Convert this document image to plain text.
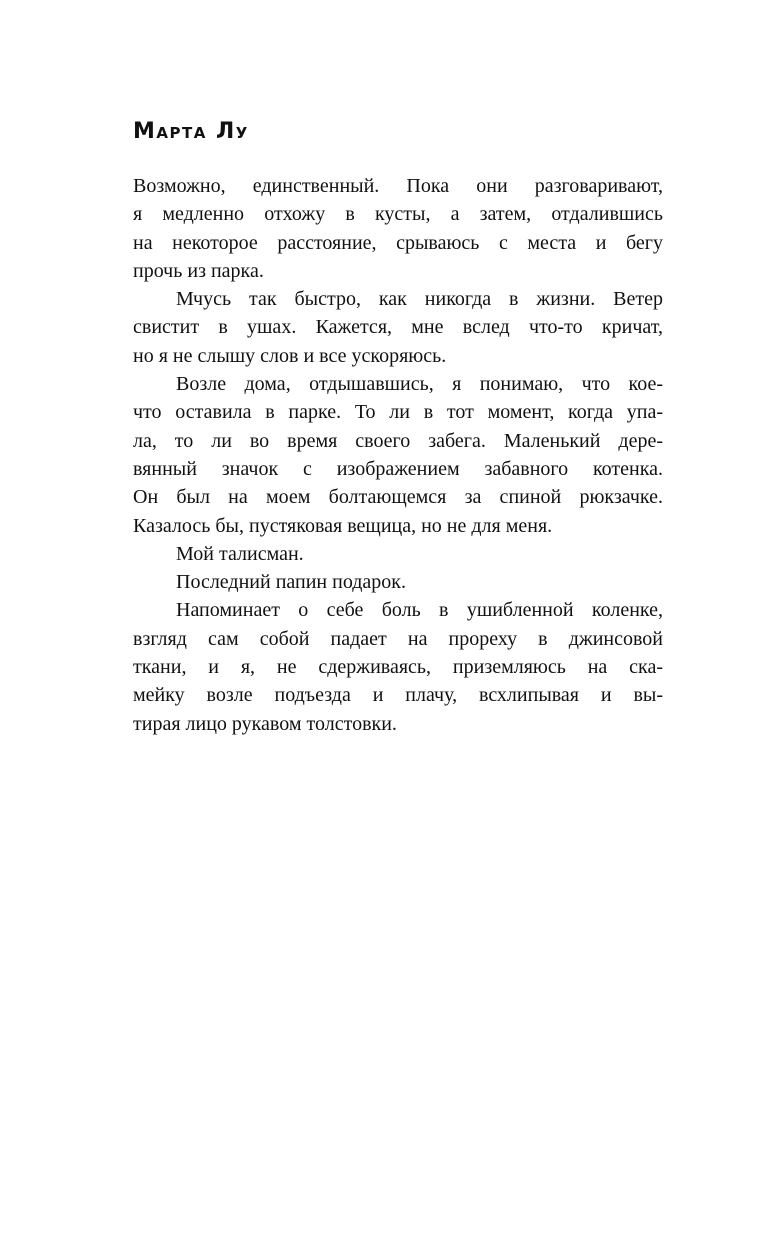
Марта Лу
Возможно, единственный. Пока они разговаривают,
я медленно отхожу в кусты, а затем, отдалившись
на некоторое расстояние, срываюсь с места и бегу
прочь из парка.
Мчусь так быстро, как никогда в жизни. Ветер
свистит в ушах. Кажется, мне вслед что-то кричат,
но я не слышу слов и все ускоряюсь.
Возле дома, отдышавшись, я понимаю, что кое-
что оставила в парке. То ли в тот момент, когда упа-
ла, то ли во время своего забега. Маленький дере-
вянный значок с изображением забавного котенка.
Он был на моем болтающемся за спиной рюкзачке.
Казалось бы, пустяковая вещица, но не для меня.
Мой талисман.
Последний папин подарок.
Напоминает о себе боль в ушибленной коленке,
взгляд сам собой падает на прореху в джинсовой
ткани, и я, не сдерживаясь, приземляюсь на ска-
мейку возле подъезда и плачу, всхлипывая и вы-
тирая лицо рукавом толстовки.
